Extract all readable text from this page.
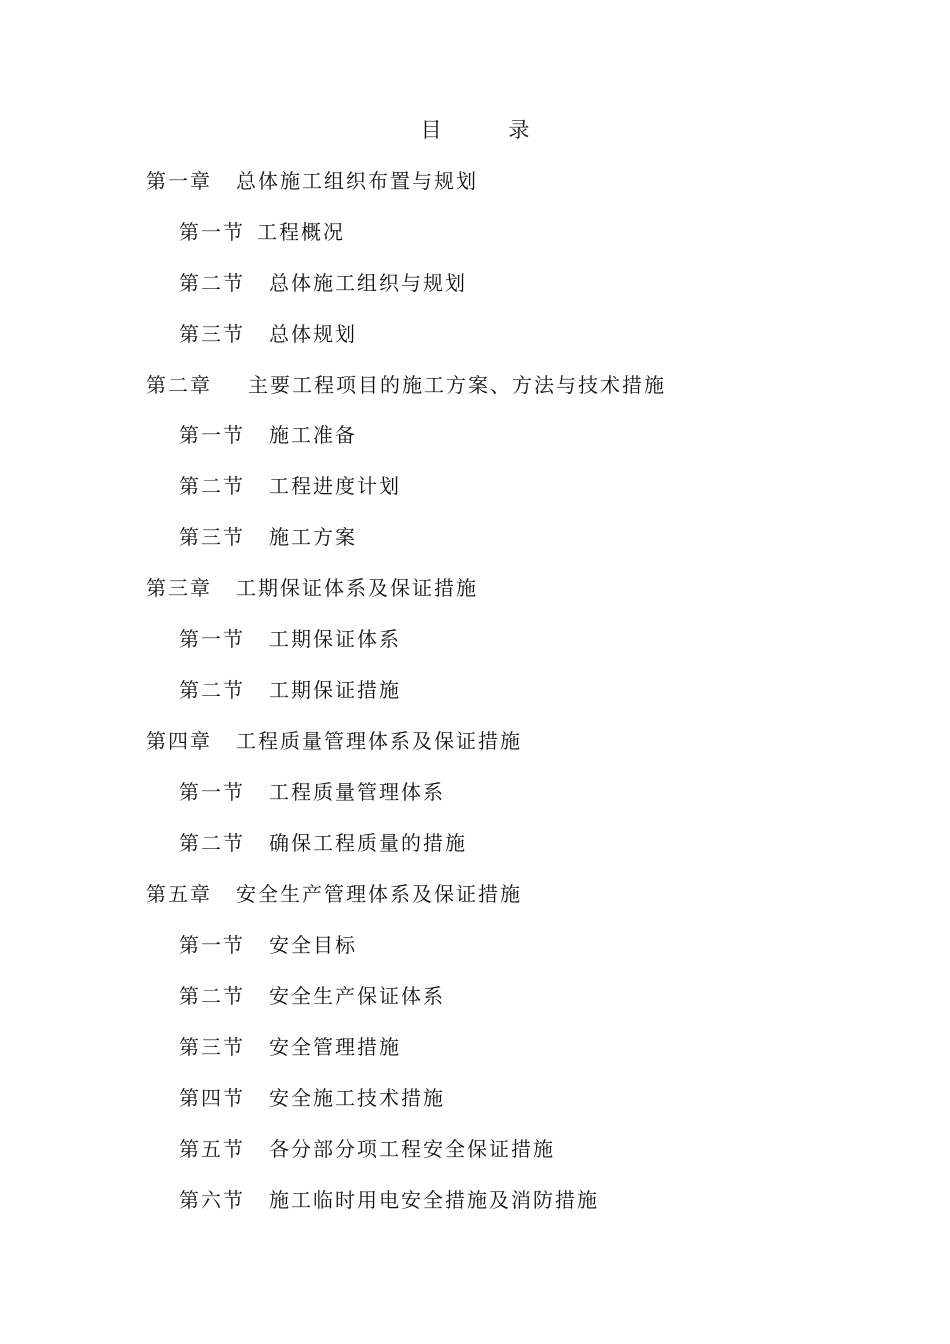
目 录
第一章 总体施工组织布置与规划
第一节 工程概况
第二节 总体施工组织与规划
第三节 总体规划
第二章 主要工程项目的施工方案、方法与技术措施
第一节 施工准备
第二节 工程进度计划
第三节 施工方案
第三章 工期保证体系及保证措施
第一节 工期保证体系
第二节 工期保证措施
第四章 工程质量管理体系及保证措施
第一节 工程质量管理体系
第二节 确保工程质量的措施
第五章 安全生产管理体系及保证措施
第一节 安全目标
第二节 安全生产保证体系
第三节 安全管理措施
第四节 安全施工技术措施
第五节 各分部分项工程安全保证措施
第六节 施工临时用电安全措施及消防措施
